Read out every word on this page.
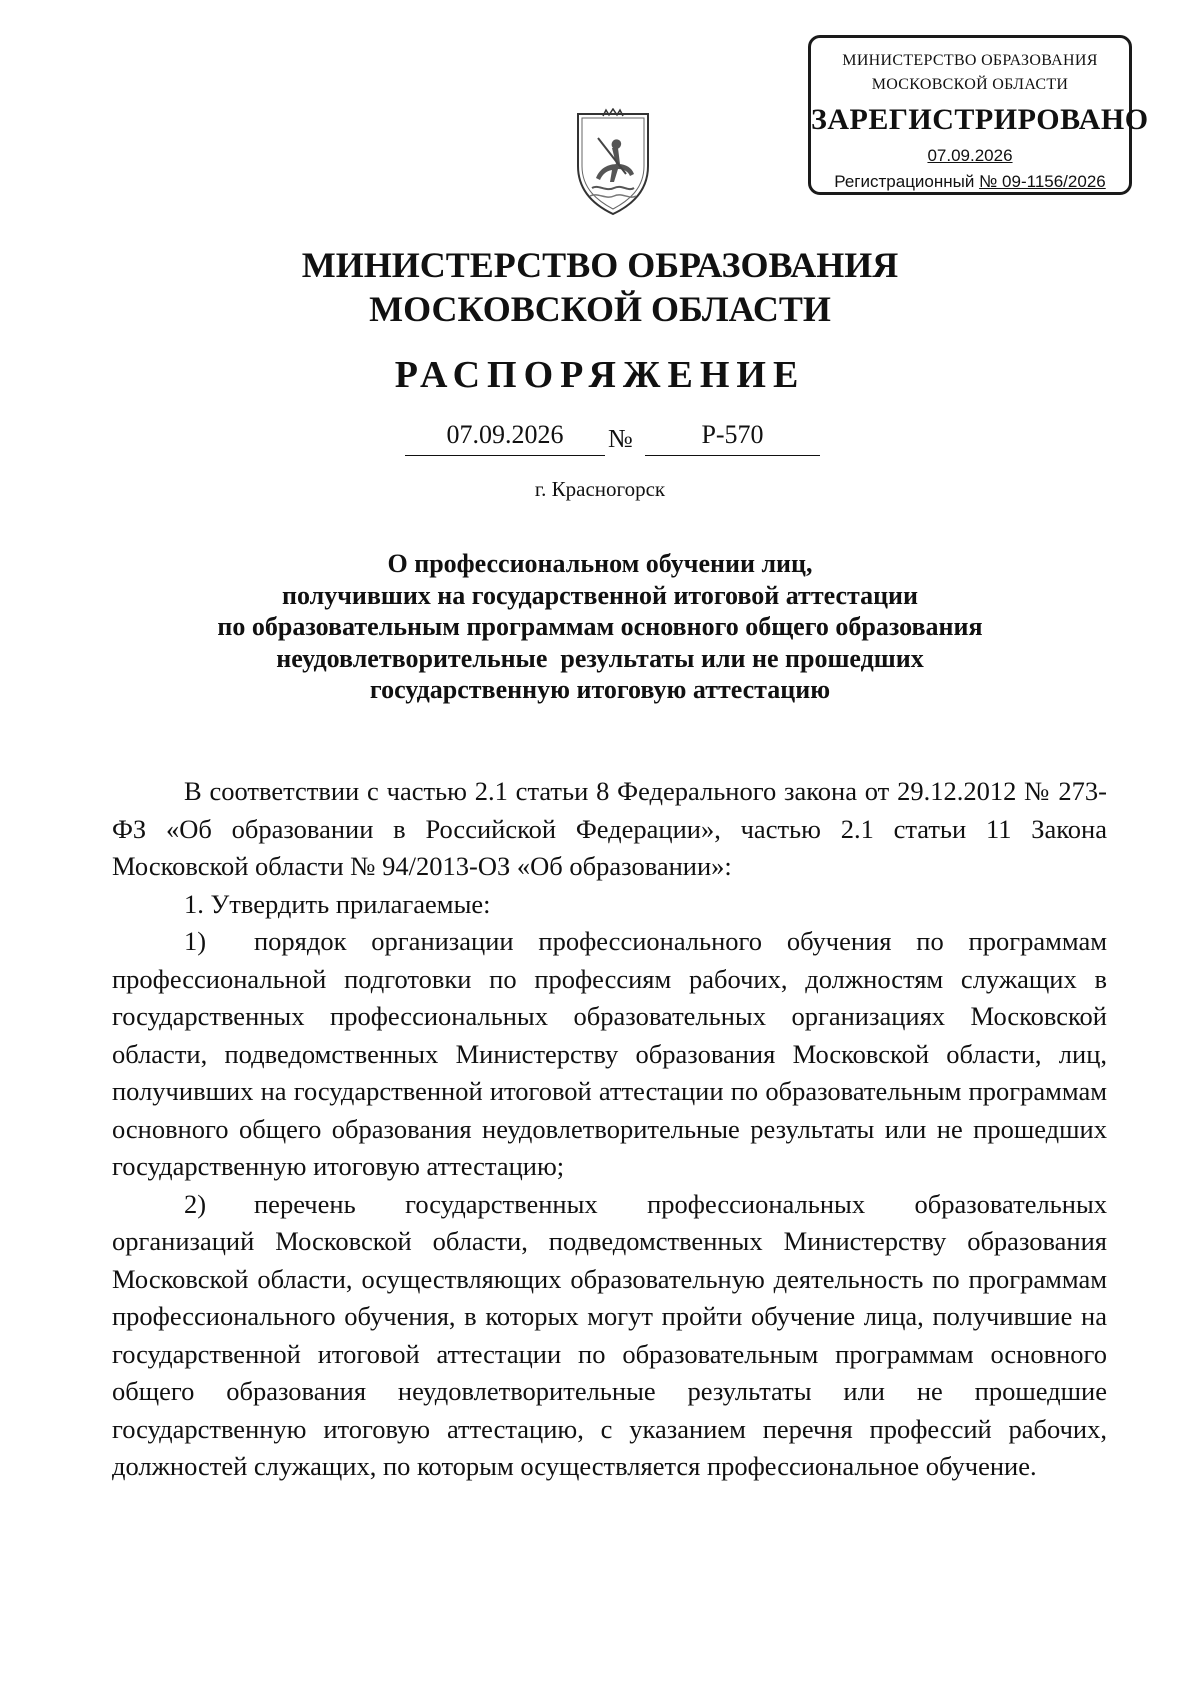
МИНИСТЕРСТВО ОБРАЗОВАНИЯ
МОСКОВСКОЙ ОБЛАСТИ
ЗАРЕГИСТРИРОВАНО
07.09.2026
Регистрационный № 09-1156/2026
МИНИСТЕРСТВО ОБРАЗОВАНИЯ
МОСКОВСКОЙ ОБЛАСТИ
РАСПОРЯЖЕНИЕ
07.09.2026	№	Р-570
г. Красногорск
О профессиональном обучении лиц,
получивших на государственной итоговой аттестации
по образовательным программам основного общего образования
неудовлетворительные  результаты или не прошедших
государственную итоговую аттестацию

В соответствии с частью 2.1 статьи 8 Федерального закона от 29.12.2012 № 273-ФЗ «Об образовании в Российской Федерации», частью 2.1 статьи 11 Закона Московской области № 94/2013-ОЗ «Об образовании»:

1. Утвердить прилагаемые:

1) порядок организации профессионального обучения по программам профессиональной подготовки по профессиям рабочих, должностям служащих в государственных профессиональных образовательных организациях Московской области, подведомственных Министерству образования Московской области, лиц, получивших на государственной итоговой аттестации по образовательным программам основного общего образования неудовлетворительные результаты или не прошедших государственную итоговую аттестацию;

2) перечень государственных профессиональных образовательных организаций Московской области, подведомственных Министерству образования Московской области, осуществляющих образовательную деятельность по программам профессионального обучения, в которых могут пройти обучение лица, получившие на государственной итоговой аттестации по образовательным программам основного общего образования неудовлетворительные результаты или не прошедшие государственную итоговую аттестацию, с указанием перечня профессий рабочих, должностей служащих, по которым осуществляется профессиональное обучение.
